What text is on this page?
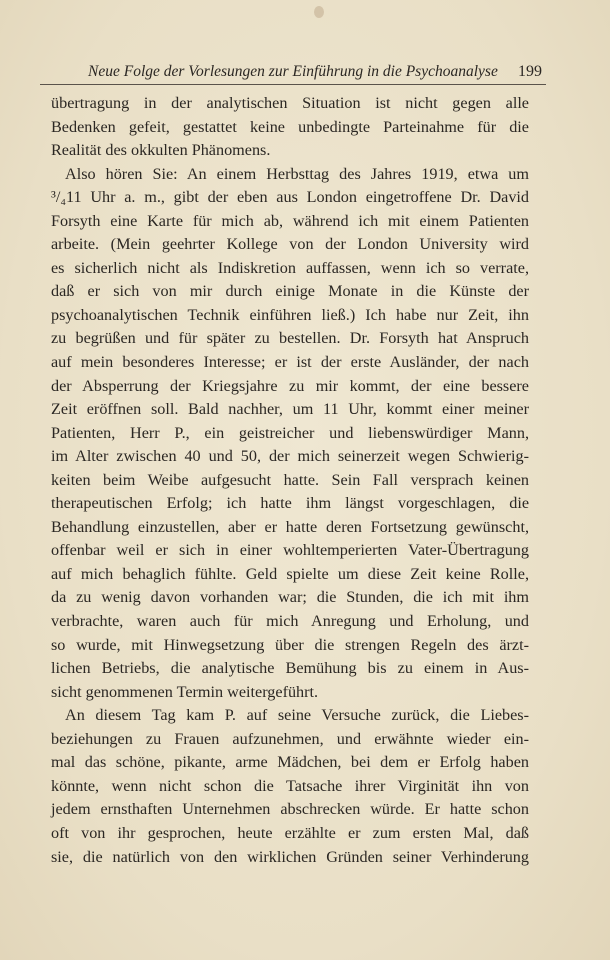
Neue Folge der Vorlesungen zur Einführung in die Psychoanalyse 199
übertragung in der analytischen Situation ist nicht gegen alle
Bedenken gefeit, gestattet keine unbedingte Parteinahme für die
Realität des okkulten Phänomens.
Also hören Sie: An einem Herbsttag des Jahres 1919, etwa um
³/₄11 Uhr a. m., gibt der eben aus London eingetroffene Dr. David
Forsyth eine Karte für mich ab, während ich mit einem Patienten
arbeite. (Mein geehrter Kollege von der London University wird
es sicherlich nicht als Indiskretion auffassen, wenn ich so verrate,
daß er sich von mir durch einige Monate in die Künste der
psychoanalytischen Technik einführen ließ.) Ich habe nur Zeit, ihn
zu begrüßen und für später zu bestellen. Dr. Forsyth hat Anspruch
auf mein besonderes Interesse; er ist der erste Ausländer, der nach
der Absperrung der Kriegsjahre zu mir kommt, der eine bessere
Zeit eröffnen soll. Bald nachher, um 11 Uhr, kommt einer meiner
Patienten, Herr P., ein geistreicher und liebenswürdiger Mann,
im Alter zwischen 40 und 50, der mich seinerzeit wegen Schwierig-
keiten beim Weibe aufgesucht hatte. Sein Fall versprach keinen
therapeutischen Erfolg; ich hatte ihm längst vorgeschlagen, die
Behandlung einzustellen, aber er hatte deren Fortsetzung gewünscht,
offenbar weil er sich in einer wohltemperierten Vater-Übertragung
auf mich behaglich fühlte. Geld spielte um diese Zeit keine Rolle,
da zu wenig davon vorhanden war; die Stunden, die ich mit ihm
verbrachte, waren auch für mich Anregung und Erholung, und
so wurde, mit Hinwegsetzung über die strengen Regeln des ärzt-
lichen Betriebs, die analytische Bemühung bis zu einem in Aus-
sicht genommenen Termin weitergeführt.
An diesem Tag kam P. auf seine Versuche zurück, die Liebes-
beziehungen zu Frauen aufzunehmen, und erwähnte wieder ein-
mal das schöne, pikante, arme Mädchen, bei dem er Erfolg haben
könnte, wenn nicht schon die Tatsache ihrer Virginität ihn von
jedem ernsthaften Unternehmen abschrecken würde. Er hatte schon
oft von ihr gesprochen, heute erzählte er zum ersten Mal, daß
sie, die natürlich von den wirklichen Gründen seiner Verhinderung
